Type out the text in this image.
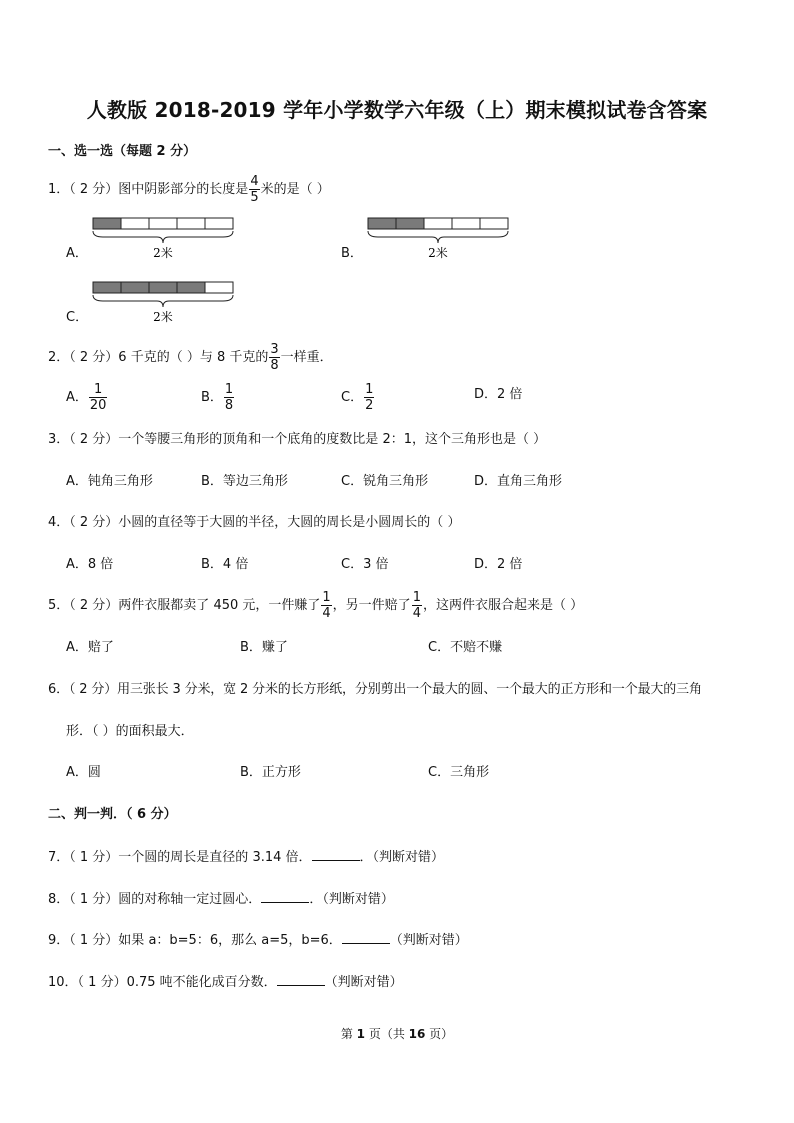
人教版 2018-2019 学年小学数学六年级（上）期末模拟试卷含答案
一、选一选（每题 2 分）
1．（ 2 分）图中阴影部分的长度是 $\frac{4}{5}$ 米的是（ ）
A．	B．
C．
2米	2米
2米
2．（ 2 分）6 千克的（ ）与 8 千克的 $\frac{3}{8}$ 一样重．
A． $\frac{1}{20}$	B． $\frac{1}{8}$	C． $\frac{1}{2}$	D．2 倍
3．（ 2 分）一个等腰三角形的顶角和一个底角的度数比是 2：1，这个三角形也是（ ）
A．钝角三角形	B．等边三角形	C．锐角三角形	D．直角三角形
4．（ 2 分）小圆的直径等于大圆的半径，大圆的周长是小圆周长的（ ）
A．8 倍	B．4 倍	C．3 倍	D．2 倍
5．（ 2 分）两件衣服都卖了 450 元，一件赚了 $\frac{1}{4}$ ，另一件赔了 $\frac{1}{4}$ ，这两件衣服合起来是（ ）
A．赔了	B．赚了	C．不赔不赚
6．（ 2 分）用三张长 3 分米，宽 2 分米的长方形纸，分别剪出一个最大的圆、一个最大的正方形和一个最大的三角
形．（ ）的面积最大．
A．圆	B．正方形	C．三角形
二、判一判．（ 6 分）
7．（ 1 分）一个圆的周长是直径的 3.14 倍．	．（判断对错）
8．（ 1 分）圆的对称轴一定过圆心．	．（判断对错）
9．（ 1 分）如果 a：b=5：6，那么 a=5，b=6．	（判断对错）
10．（ 1 分）0.75 吨不能化成百分数．	（判断对错）
第 1 页（共 16 页）
